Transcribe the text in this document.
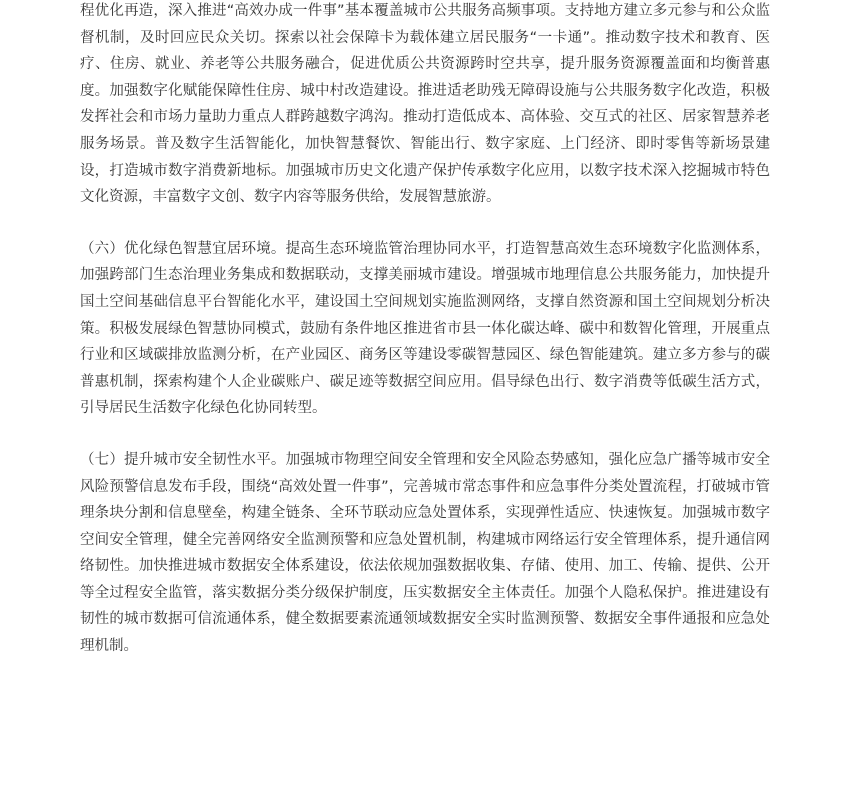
程优化再造，深入推进“高效办成一件事”基本覆盖城市公共服务高频事项。支持地方建立多元参与和公众监督机制，及时回应民众关切。探索以社会保障卡为载体建立居民服务“一卡通”。推动数字技术和教育、医疗、住房、就业、养老等公共服务融合，促进优质公共资源跨时空共享，提升服务资源覆盖面和均衡普惠度。加强数字化赋能保障性住房、城中村改造建设。推进适老助残无障碍设施与公共服务数字化改造，积极发挥社会和市场力量助力重点人群跨越数字鸿沟。推动打造低成本、高体验、交互式的社区、居家智慧养老服务场景。普及数字生活智能化，加快智慧餐饮、智能出行、数字家庭、上门经济、即时零售等新场景建设，打造城市数字消费新地标。加强城市历史文化遗产保护传承数字化应用，以数字技术深入挖掘城市特色文化资源，丰富数字文创、数字内容等服务供给，发展智慧旅游。

（六）优化绿色智慧宜居环境。提高生态环境监管治理协同水平，打造智慧高效生态环境数字化监测体系，加强跨部门生态治理业务集成和数据联动，支撑美丽城市建设。增强城市地理信息公共服务能力，加快提升国土空间基础信息平台智能化水平，建设国土空间规划实施监测网络，支撑自然资源和国土空间规划分析决策。积极发展绿色智慧协同模式，鼓励有条件地区推进省市县一体化碳达峰、碳中和数智化管理，开展重点行业和区域碳排放监测分析，在产业园区、商务区等建设零碳智慧园区、绿色智能建筑。建立多方参与的碳普惠机制，探索构建个人企业碳账户、碳足迹等数据空间应用。倡导绿色出行、数字消费等低碳生活方式，引导居民生活数字化绿色化协同转型。

（七）提升城市安全韧性水平。加强城市物理空间安全管理和安全风险态势感知，强化应急广播等城市安全风险预警信息发布手段，围绕“高效处置一件事”，完善城市常态事件和应急事件分类处置流程，打破城市管理条块分割和信息壁垒，构建全链条、全环节联动应急处置体系，实现弹性适应、快速恢复。加强城市数字空间安全管理，健全完善网络安全监测预警和应急处置机制，构建城市网络运行安全管理体系，提升通信网络韧性。加快推进城市数据安全体系建设，依法依规加强数据收集、存储、使用、加工、传输、提供、公开等全过程安全监管，落实数据分类分级保护制度，压实数据安全主体责任。加强个人隐私保护。推进建设有韧性的城市数据可信流通体系，健全数据要素流通领域数据安全实时监测预警、数据安全事件通报和应急处理机制。
